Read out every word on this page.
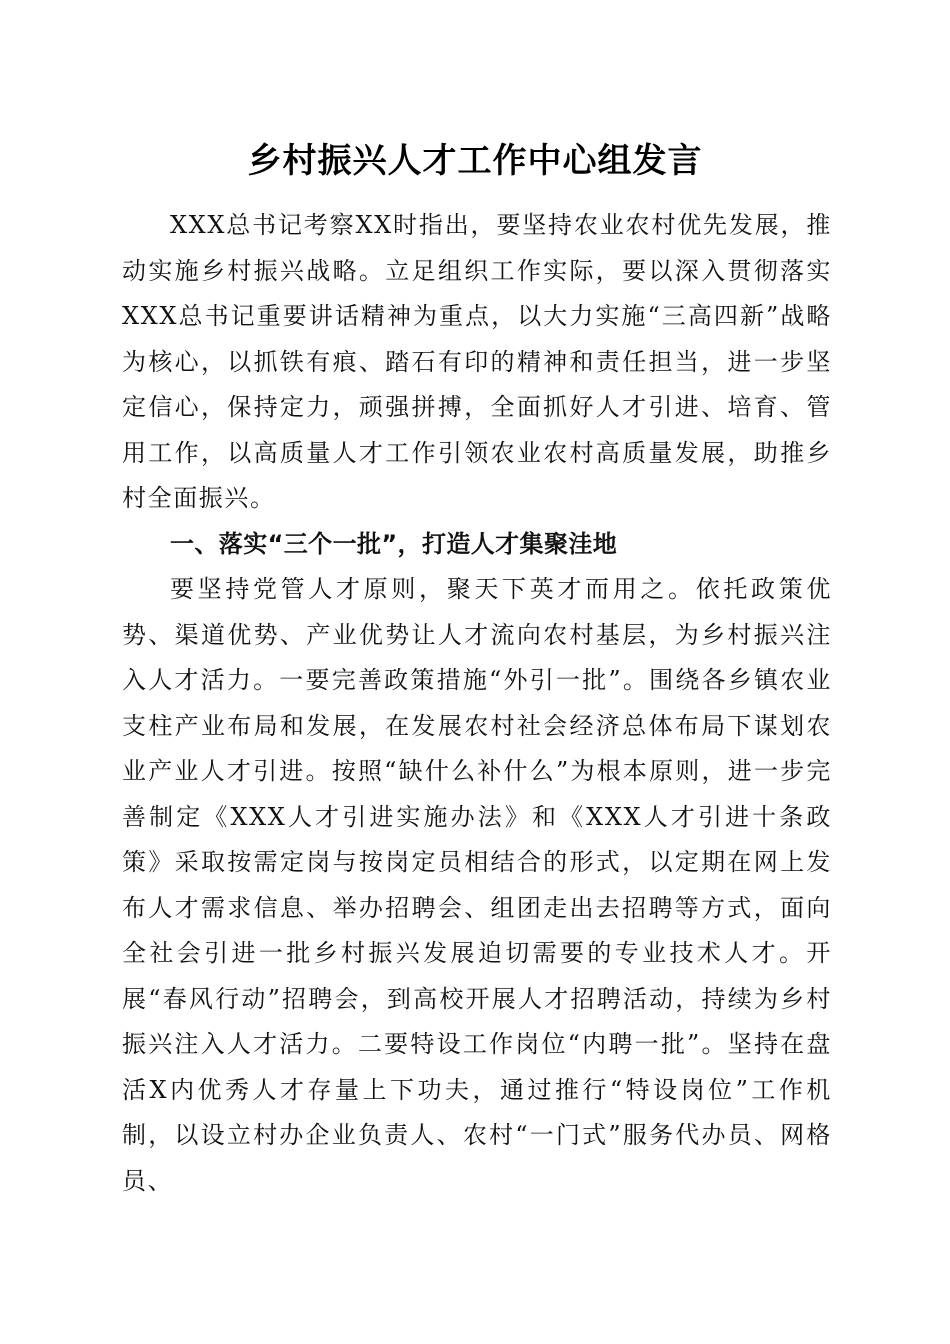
乡村振兴人才工作中心组发言

XXX总书记考察XX时指出，要坚持农业农村优先发展，推动实施乡村振兴战略。立足组织工作实际，要以深入贯彻落实XXX总书记重要讲话精神为重点，以大力实施“三高四新”战略为核心，以抓铁有痕、踏石有印的精神和责任担当，进一步坚定信心，保持定力，顽强拼搏，全面抓好人才引进、培育、管用工作，以高质量人才工作引领农业农村高质量发展，助推乡村全面振兴。

一、落实“三个一批”，打造人才集聚洼地

要坚持党管人才原则，聚天下英才而用之。依托政策优势、渠道优势、产业优势让人才流向农村基层，为乡村振兴注入人才活力。一要完善政策措施“外引一批”。围绕各乡镇农业支柱产业布局和发展，在发展农村社会经济总体布局下谋划农业产业人才引进。按照“缺什么补什么”为根本原则，进一步完善制定《XXX人才引进实施办法》和《XXX人才引进十条政策》采取按需定岗与按岗定员相结合的形式，以定期在网上发布人才需求信息、举办招聘会、组团走出去招聘等方式，面向全社会引进一批乡村振兴发展迫切需要的专业技术人才。开展“春风行动”招聘会，到高校开展人才招聘活动，持续为乡村振兴注入人才活力。二要特设工作岗位“内聘一批”。坚持在盘活X内优秀人才存量上下功夫，通过推行“特设岗位”工作机制，以设立村办企业负责人、农村“一门式”服务代办员、网格员、
